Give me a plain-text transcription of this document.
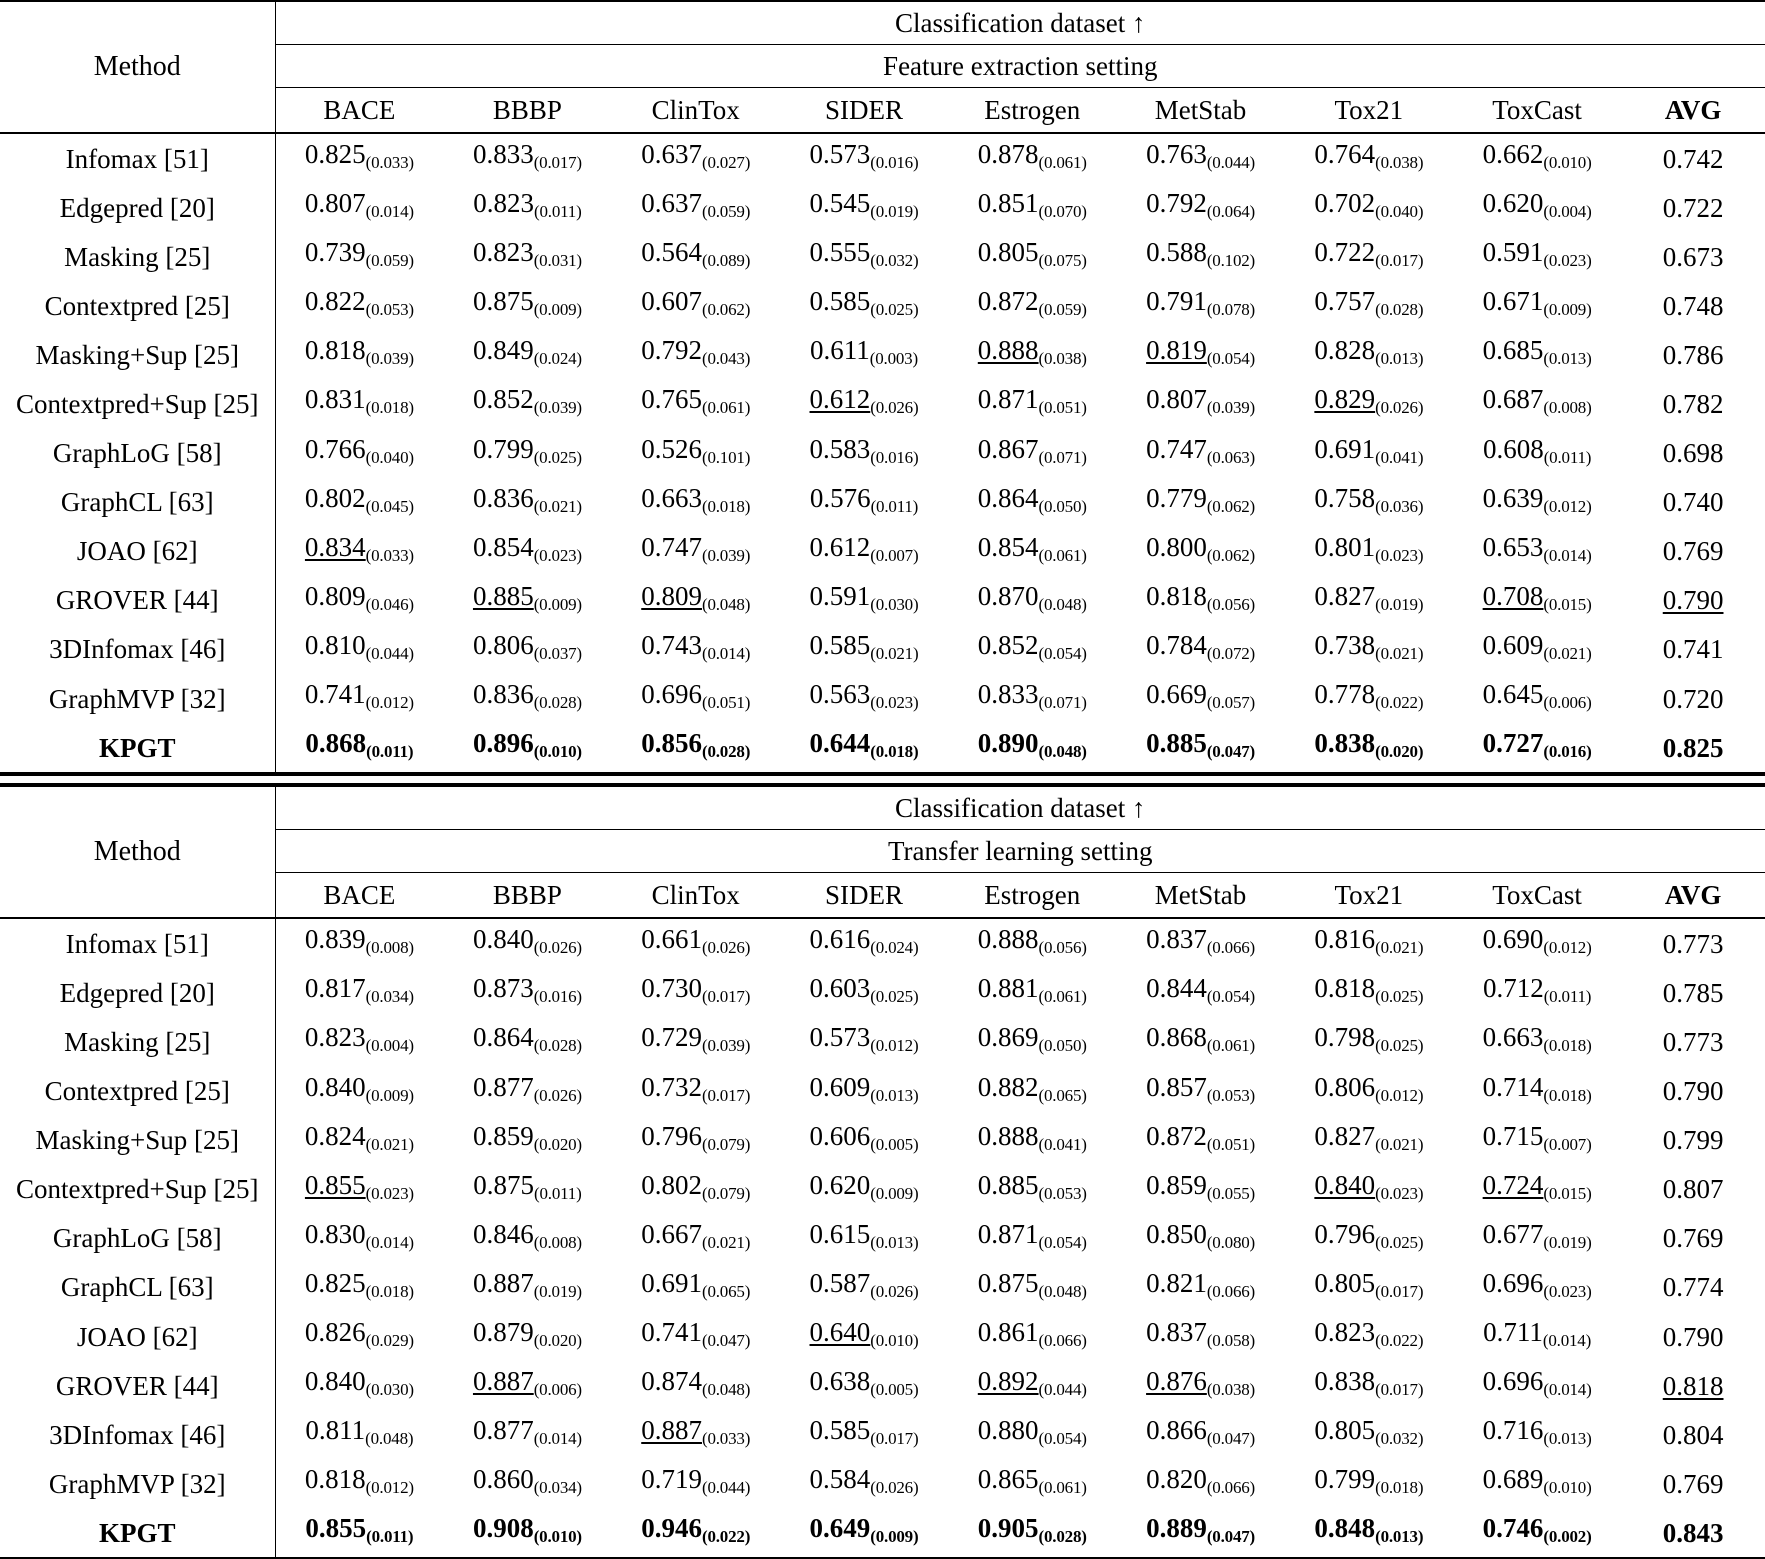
Method	Classification dataset ↑								
	Feature extraction setting								
	BACE	BBBP	ClinTox	SIDER	Estrogen	MetStab	Tox21	ToxCast	AVG
Infomax [51]	0.825(0.033)	0.833(0.017)	0.637(0.027)	0.573(0.016)	0.878(0.061)	0.763(0.044)	0.764(0.038)	0.662(0.010)	0.742
Edgepred [20]	0.807(0.014)	0.823(0.011)	0.637(0.059)	0.545(0.019)	0.851(0.070)	0.792(0.064)	0.702(0.040)	0.620(0.004)	0.722
Masking [25]	0.739(0.059)	0.823(0.031)	0.564(0.089)	0.555(0.032)	0.805(0.075)	0.588(0.102)	0.722(0.017)	0.591(0.023)	0.673
Contextpred [25]	0.822(0.053)	0.875(0.009)	0.607(0.062)	0.585(0.025)	0.872(0.059)	0.791(0.078)	0.757(0.028)	0.671(0.009)	0.748
Masking+Sup [25]	0.818(0.039)	0.849(0.024)	0.792(0.043)	0.611(0.003)	0.888(0.038)	0.819(0.054)	0.828(0.013)	0.685(0.013)	0.786
Contextpred+Sup [25]	0.831(0.018)	0.852(0.039)	0.765(0.061)	0.612(0.026)	0.871(0.051)	0.807(0.039)	0.829(0.026)	0.687(0.008)	0.782
GraphLoG [58]	0.766(0.040)	0.799(0.025)	0.526(0.101)	0.583(0.016)	0.867(0.071)	0.747(0.063)	0.691(0.041)	0.608(0.011)	0.698
GraphCL [63]	0.802(0.045)	0.836(0.021)	0.663(0.018)	0.576(0.011)	0.864(0.050)	0.779(0.062)	0.758(0.036)	0.639(0.012)	0.740
JOAO [62]	0.834(0.033)	0.854(0.023)	0.747(0.039)	0.612(0.007)	0.854(0.061)	0.800(0.062)	0.801(0.023)	0.653(0.014)	0.769
GROVER [44]	0.809(0.046)	0.885(0.009)	0.809(0.048)	0.591(0.030)	0.870(0.048)	0.818(0.056)	0.827(0.019)	0.708(0.015)	0.790
3DInfomax [46]	0.810(0.044)	0.806(0.037)	0.743(0.014)	0.585(0.021)	0.852(0.054)	0.784(0.072)	0.738(0.021)	0.609(0.021)	0.741
GraphMVP [32]	0.741(0.012)	0.836(0.028)	0.696(0.051)	0.563(0.023)	0.833(0.071)	0.669(0.057)	0.778(0.022)	0.645(0.006)	0.720
KPGT	0.868(0.011)	0.896(0.010)	0.856(0.028)	0.644(0.018)	0.890(0.048)	0.885(0.047)	0.838(0.020)	0.727(0.016)	0.825
Method	Classification dataset ↑								
	Transfer learning setting								
	BACE	BBBP	ClinTox	SIDER	Estrogen	MetStab	Tox21	ToxCast	AVG
Infomax [51]	0.839(0.008)	0.840(0.026)	0.661(0.026)	0.616(0.024)	0.888(0.056)	0.837(0.066)	0.816(0.021)	0.690(0.012)	0.773
Edgepred [20]	0.817(0.034)	0.873(0.016)	0.730(0.017)	0.603(0.025)	0.881(0.061)	0.844(0.054)	0.818(0.025)	0.712(0.011)	0.785
Masking [25]	0.823(0.004)	0.864(0.028)	0.729(0.039)	0.573(0.012)	0.869(0.050)	0.868(0.061)	0.798(0.025)	0.663(0.018)	0.773
Contextpred [25]	0.840(0.009)	0.877(0.026)	0.732(0.017)	0.609(0.013)	0.882(0.065)	0.857(0.053)	0.806(0.012)	0.714(0.018)	0.790
Masking+Sup [25]	0.824(0.021)	0.859(0.020)	0.796(0.079)	0.606(0.005)	0.888(0.041)	0.872(0.051)	0.827(0.021)	0.715(0.007)	0.799
Contextpred+Sup [25]	0.855(0.023)	0.875(0.011)	0.802(0.079)	0.620(0.009)	0.885(0.053)	0.859(0.055)	0.840(0.023)	0.724(0.015)	0.807
GraphLoG [58]	0.830(0.014)	0.846(0.008)	0.667(0.021)	0.615(0.013)	0.871(0.054)	0.850(0.080)	0.796(0.025)	0.677(0.019)	0.769
GraphCL [63]	0.825(0.018)	0.887(0.019)	0.691(0.065)	0.587(0.026)	0.875(0.048)	0.821(0.066)	0.805(0.017)	0.696(0.023)	0.774
JOAO [62]	0.826(0.029)	0.879(0.020)	0.741(0.047)	0.640(0.010)	0.861(0.066)	0.837(0.058)	0.823(0.022)	0.711(0.014)	0.790
GROVER [44]	0.840(0.030)	0.887(0.006)	0.874(0.048)	0.638(0.005)	0.892(0.044)	0.876(0.038)	0.838(0.017)	0.696(0.014)	0.818
3DInfomax [46]	0.811(0.048)	0.877(0.014)	0.887(0.033)	0.585(0.017)	0.880(0.054)	0.866(0.047)	0.805(0.032)	0.716(0.013)	0.804
GraphMVP [32]	0.818(0.012)	0.860(0.034)	0.719(0.044)	0.584(0.026)	0.865(0.061)	0.820(0.066)	0.799(0.018)	0.689(0.010)	0.769
KPGT	0.855(0.011)	0.908(0.010)	0.946(0.022)	0.649(0.009)	0.905(0.028)	0.889(0.047)	0.848(0.013)	0.746(0.002)	0.843
